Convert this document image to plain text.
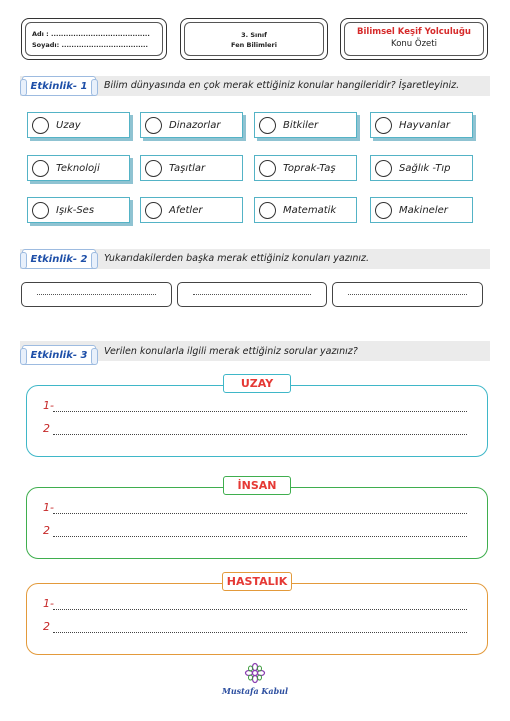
Adı : ........................................
Soyadı: ...................................
3. Sınıf
Fen Bilimleri
Bilimsel Keşif Yolculuğu
Konu Özeti
Etkinlik- 1	Bilim dünyasında en çok merak ettiğiniz konular hangileridir? İşaretleyiniz.
Uzay	Dinazorlar	Bitkiler	Hayvanlar
Teknoloji	Taşıtlar	Toprak-Taş	Sağlık -Tıp
Işık-Ses	Afetler	Matematik	Makineler
Etkinlik- 2	Yukarıdakilerden başka merak ettiğiniz konuları yazınız.
Etkinlik- 3	Verilen konularla ilgili merak ettiğiniz sorular yazınız?
UZAY
1-
2
İNSAN
1-
2
HASTALIK
1-
2
Mustafa Kabul
